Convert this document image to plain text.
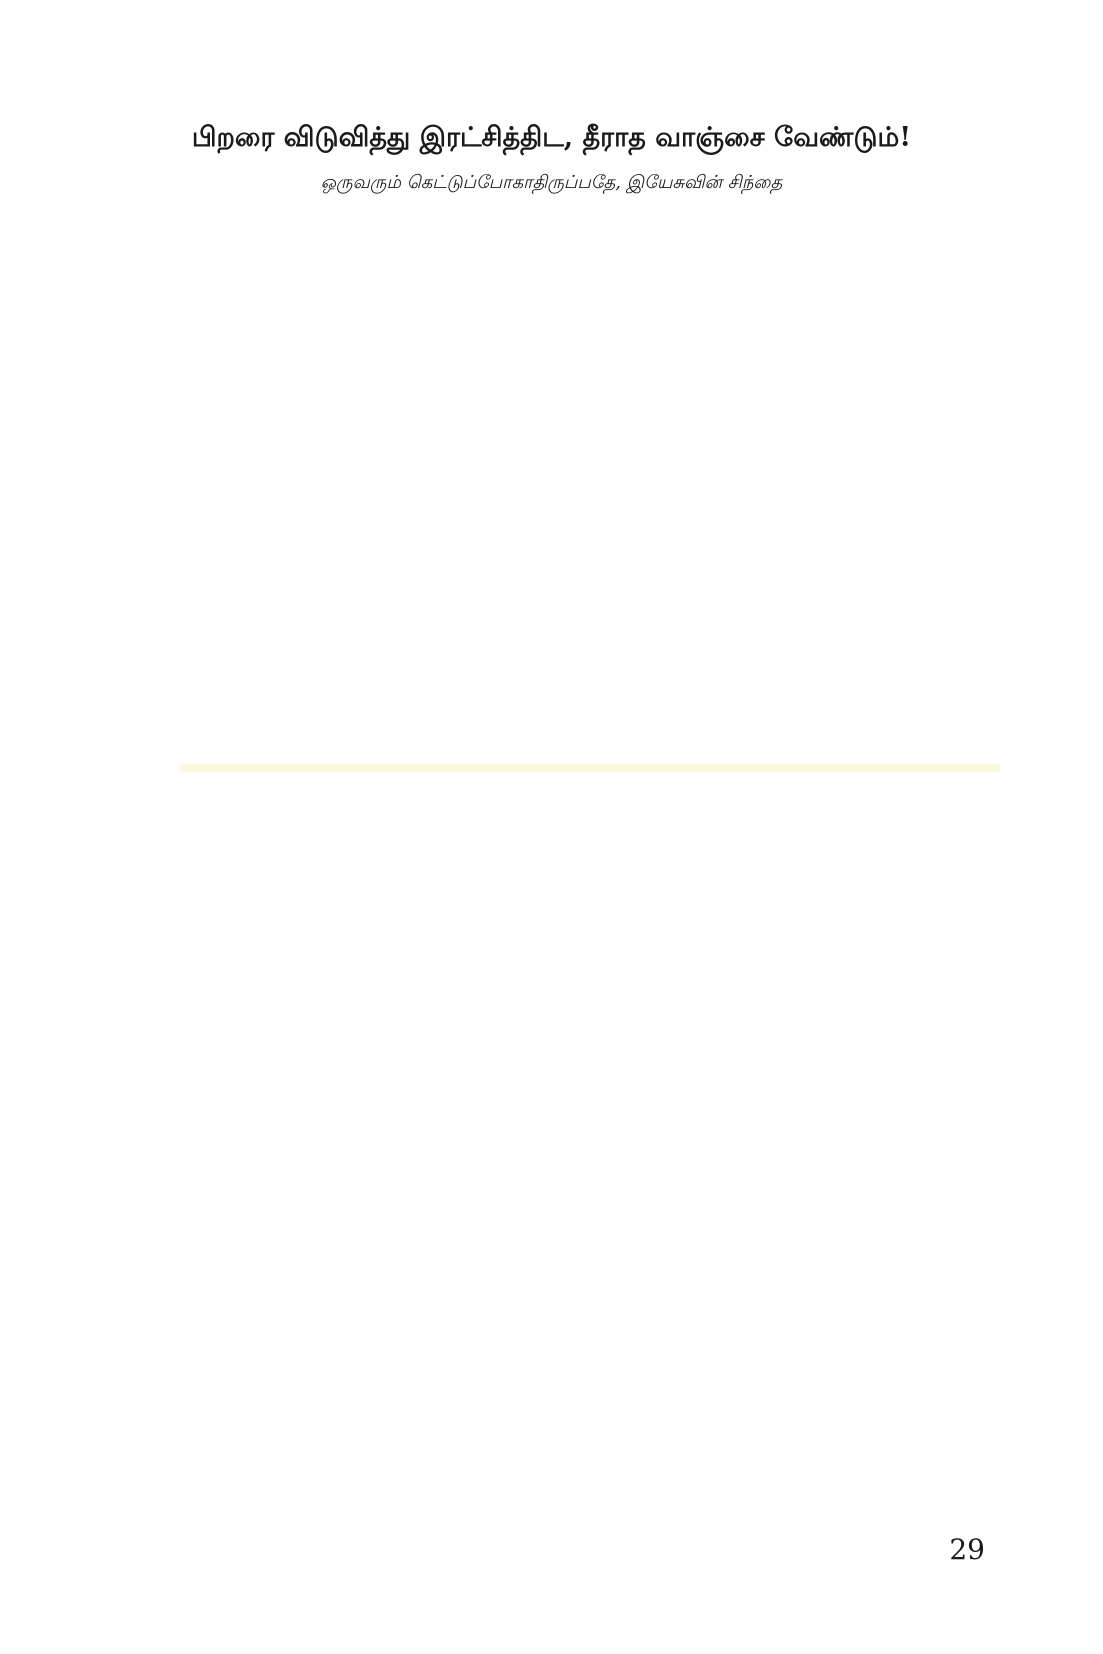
பிறரை விடுவித்து இரட்சித்திட, தீராத வாஞ்சை வேண்டும்!
ஒருவரும் கெட்டுப்போகாதிருப்பதே, இயேசுவின் சிந்தை
29
